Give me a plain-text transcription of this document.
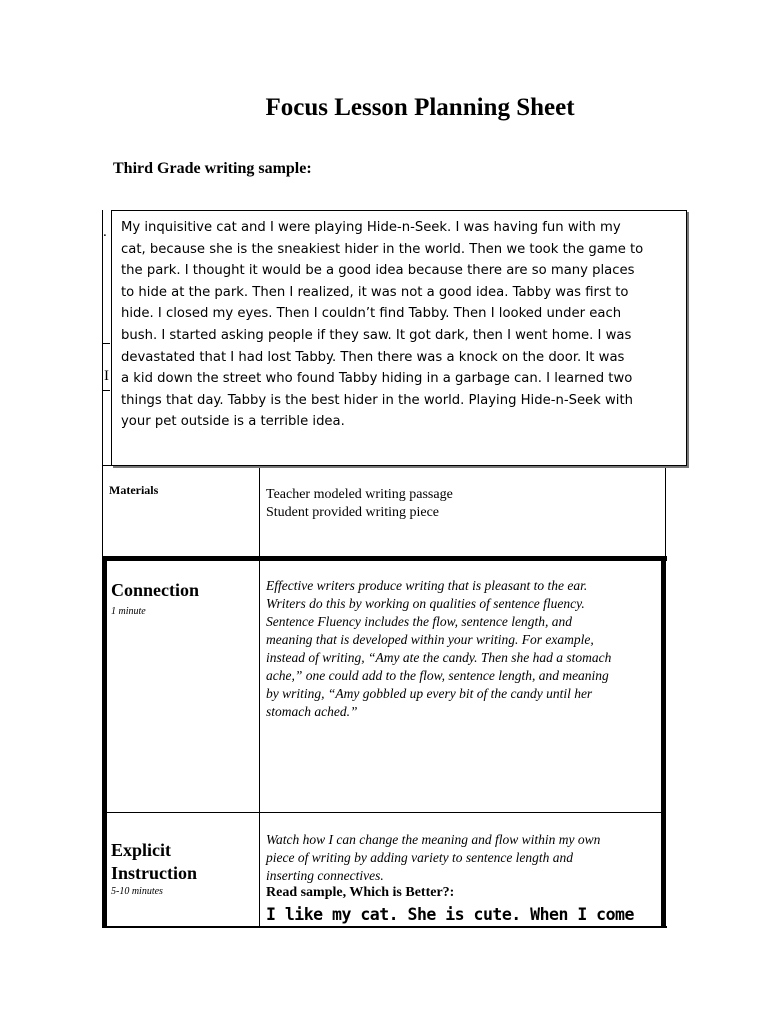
Focus Lesson Planning Sheet
Third Grade writing sample:
.
I
Materials	Teacher modeled writing passage
Student provided writing piece
Connection
1 minute
Effective writers produce writing that is pleasant to the ear.
Writers do this by working on qualities of sentence fluency.
Sentence Fluency includes the flow, sentence length, and
meaning that is developed within your writing. For example,
instead of writing, “Amy ate the candy. Then she had a stomach
ache,” one could add to the flow, sentence length, and meaning
by writing, “Amy gobbled up every bit of the candy until her
stomach ached.”
Explicit
Instruction
5-10 minutes
Watch how I can change the meaning and flow within my own
piece of writing by adding variety to sentence length and
inserting connectives.
Read sample, Which is Better?:
I like my cat. She is cute. When I come
My inquisitive cat and I were playing Hide-n-Seek. I was having fun with my
cat, because she is the sneakiest hider in the world. Then we took the game to
the park. I thought it would be a good idea because there are so many places
to hide at the park. Then I realized, it was not a good idea. Tabby was first to
hide. I closed my eyes. Then I couldn’t find Tabby. Then I looked under each
bush. I started asking people if they saw. It got dark, then I went home. I was
devastated that I had lost Tabby. Then there was a knock on the door. It was
a kid down the street who found Tabby hiding in a garbage can. I learned two
things that day. Tabby is the best hider in the world. Playing Hide-n-Seek with
your pet outside is a terrible idea.
